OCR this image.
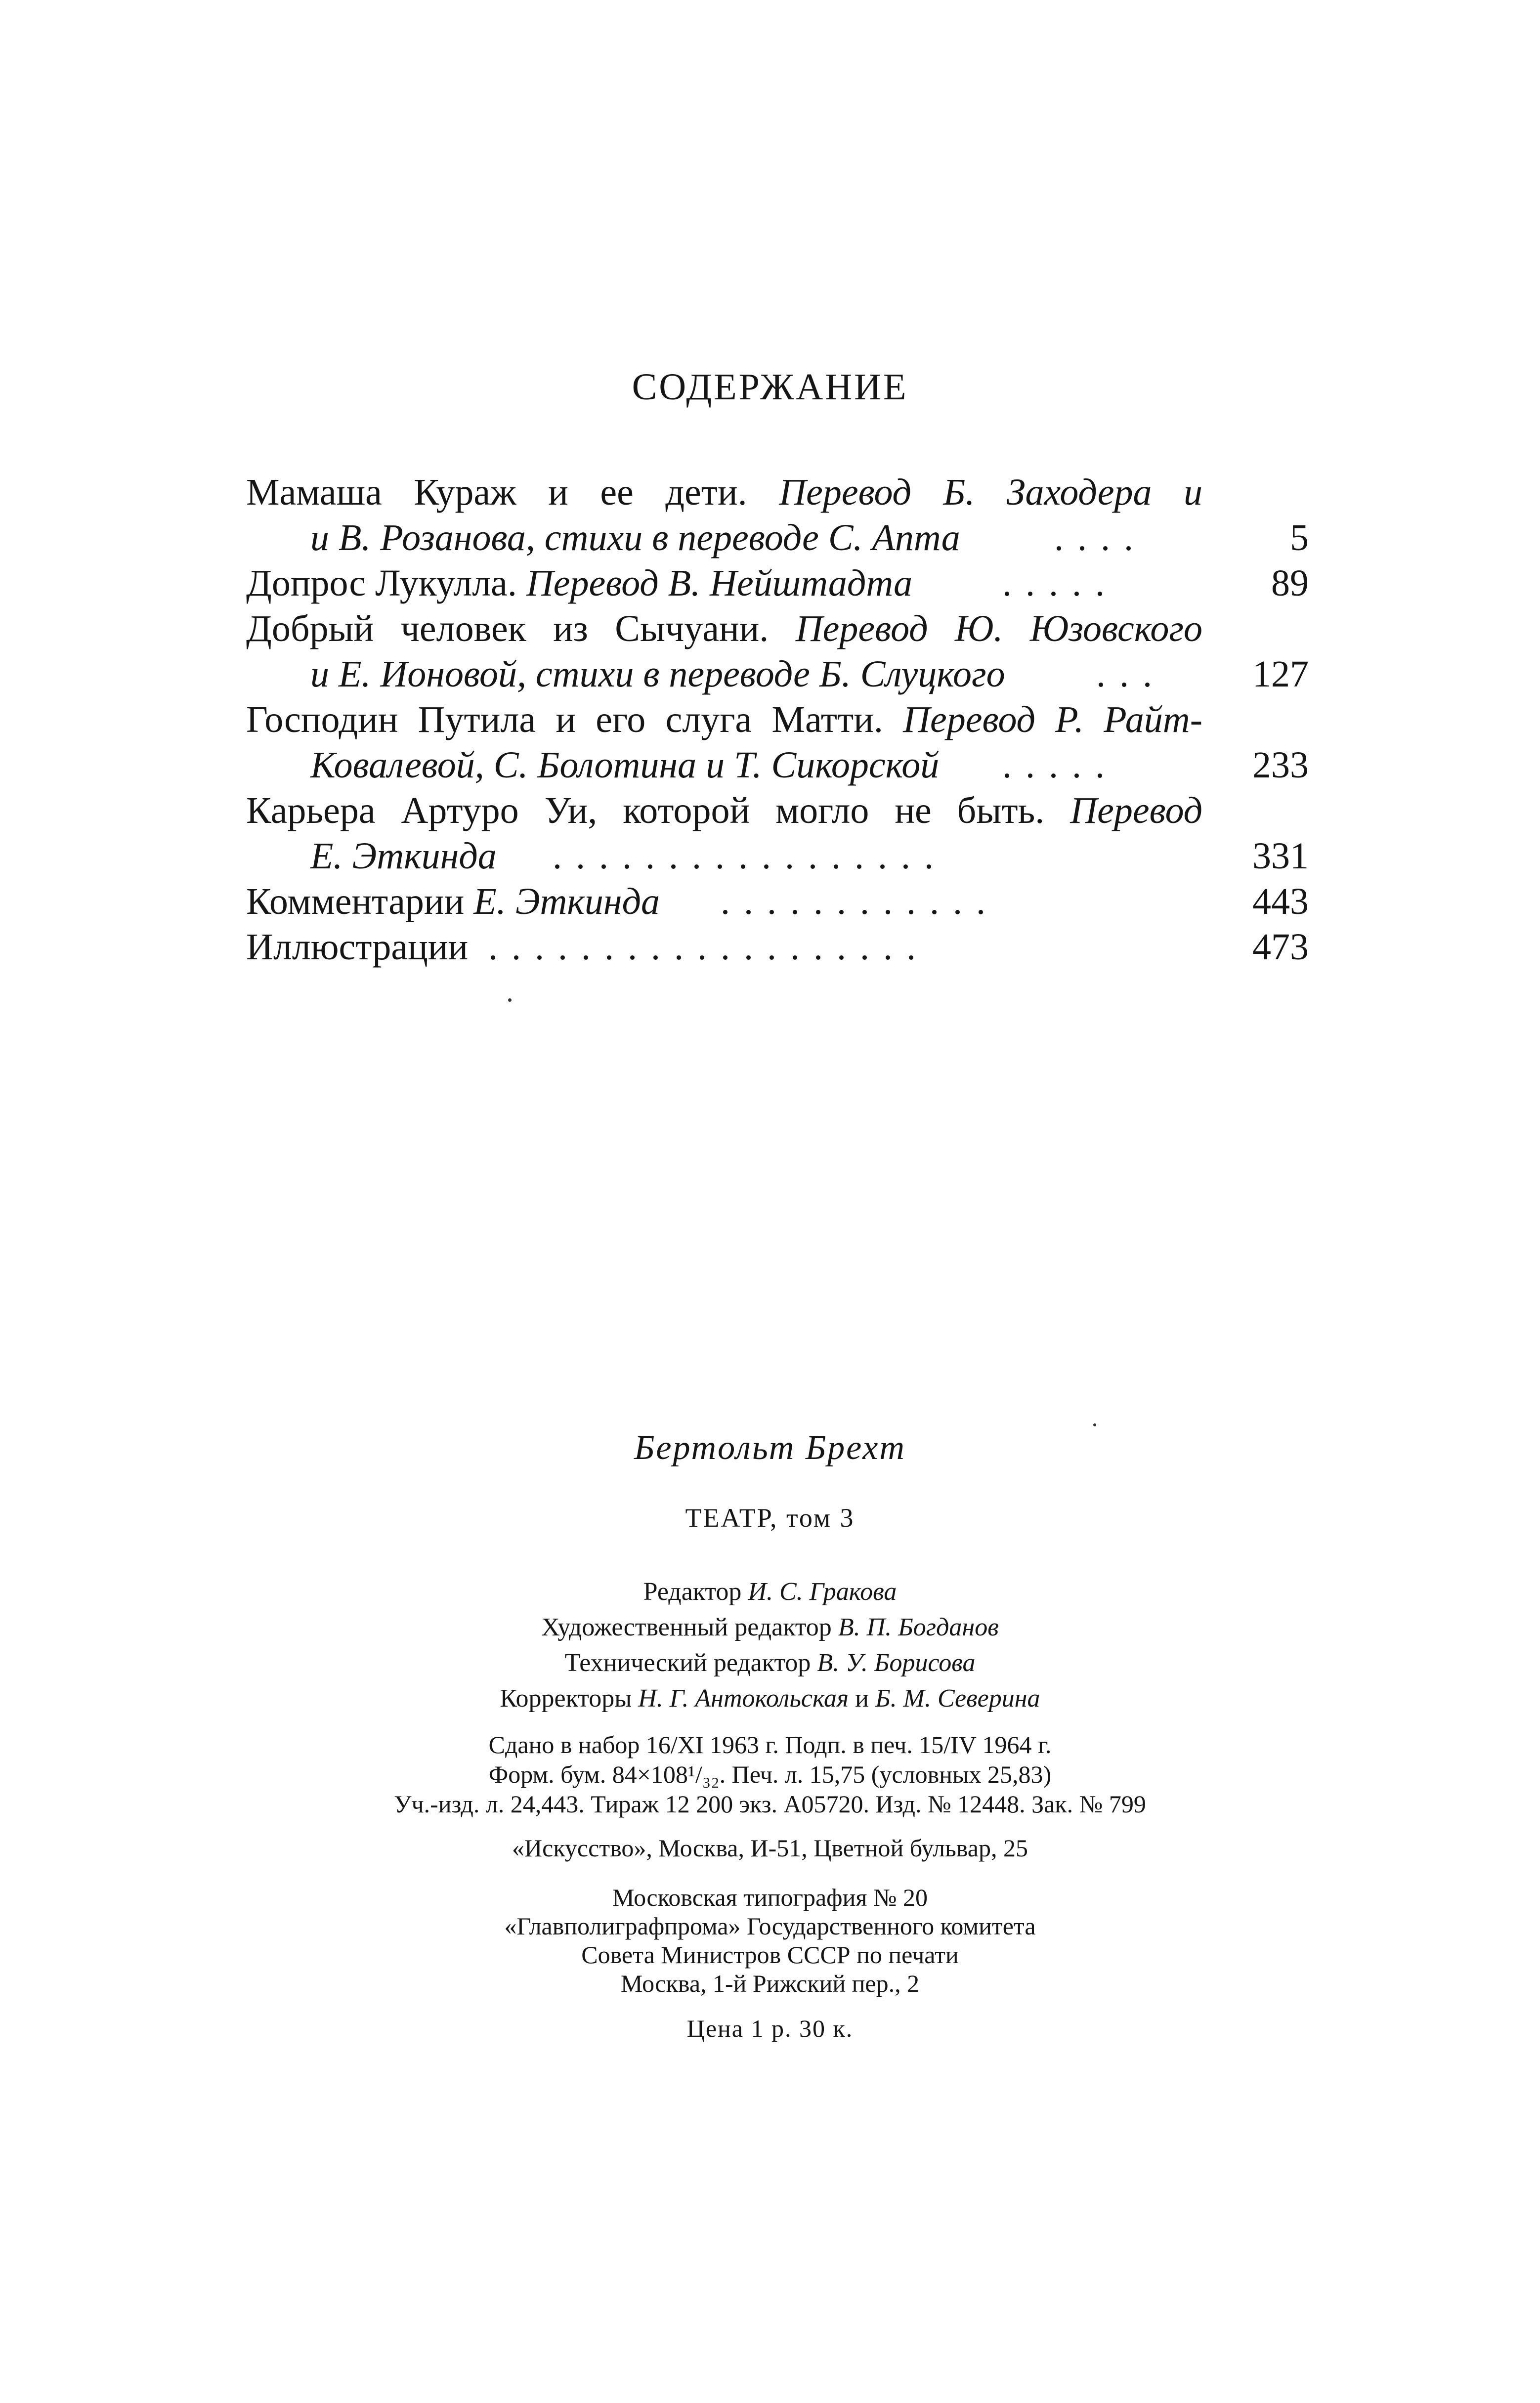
СОДЕРЖАНИЕ
Мамаша Кураж и ее дети. Перевод Б. Заходера и
и В. Розанова, стихи в переводе С. Апта	....	5
Допрос Лукулла. Перевод В. Нейштадта .....	89
Добрый человек из Сычуани. Перевод Ю. Юзовского
и Е. Ионовой, стихи в переводе Б. Слуцкого ... 127
Господин Путила и его слуга Матти. Перевод Р. Райт-
Ковалевой, С. Болотина и Т. Сикорской .....	233
Карьера Артуро Уи, которой могло не быть. Перевод
Е. Эткинда .................	331
Комментарии Е. Эткинда ............	443
Иллюстрации ...................	473
Бертольт Брехт
ТЕАТР, том 3
Редактор И. С. Гракова
Художественный редактор В. П. Богданов
Технический редактор В. У. Борисова
Корректоры Н. Г. Антокольская и Б. М. Северина
Сдано в набор 16/XI 1963 г. Подп. в печ. 15/IV 1964 г.
Форм. бум. 84×108¹/₃₂. Печ. л. 15,75 (условных 25,83)
Уч.-изд. л. 24,443. Тираж 12 200 экз. А05720. Изд. № 12448. Зак. № 799
«Искусство», Москва, И-51, Цветной бульвар, 25
Московская типография № 20
«Главполиграфпрома» Государственного комитета
Совета Министров СССР по печати
Москва, 1-й Рижский пер., 2
Цена 1 р. 30 к.
